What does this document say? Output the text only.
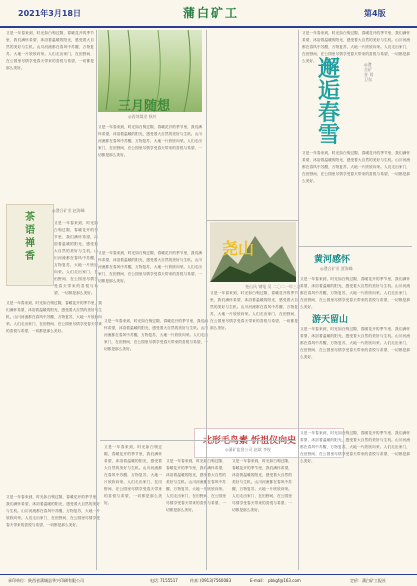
2021年3月18日	蒲白矿工	第4版
又是一年春来到，时光如白驹过隙，春暖花开的季节里，我们满怀希望，沐浴着温暖的阳光，感受着大自然的美好与生机。山川河流都在春风中苏醒，万物复苏，大地一片欣欣向荣。人们走出家门，在田野间、在公园里尽情享受春天带来的喜悦与希望，一切都是那么美好。
三月随想
◎西郊煤业 秋叶
又是一年春来到，时光如白驹过隙，春暖花开的季节里，我们满怀希望，沐浴着温暖的阳光，感受着大自然的美好与生机。山川河流都在春风中苏醒，万物复苏，大地一片欣欣向荣。人们走出家门，在田野间、在公园里尽情享受春天带来的喜悦与希望，一切都是那么美好。
茶语禅香
◎澄合矿业 赵海峰
又是一年春来到，时光如白驹过隙，春暖花开的季节里，我们满怀希望，沐浴着温暖的阳光，感受着大自然的美好与生机。山川河流都在春风中苏醒，万物复苏，大地一片欣欣向荣。人们走出家门，在田野间、在公园里尽情享受春天带来的喜悦与希望，一切都是那么美好。
又是一年春来到，时光如白驹过隙，春暖花开的季节里，我们满怀希望，沐浴着温暖的阳光，感受着大自然的美好与生机。山川河流都在春风中苏醒，万物复苏，大地一片欣欣向荣。人们走出家门，在田野间、在公园里尽情享受春天带来的喜悦与希望，一切都是那么美好。
又是一年春来到，时光如白驹过隙，春暖花开的季节里，我们满怀希望，沐浴着温暖的阳光，感受着大自然的美好与生机。山川河流都在春风中苏醒，万物复苏，大地一片欣欣向荣。人们走出家门，在田野间、在公园里尽情享受春天带来的喜悦与希望，一切都是那么美好。
尧山
尧山风 钢笔 吴 二〇二一年三月
又是一年春来到，时光如白驹过隙，春暖花开的季节里，我们满怀希望，沐浴着温暖的阳光，感受着大自然的美好与生机。山川河流都在春风中苏醒，万物复苏，大地一片欣欣向荣。人们走出家门，在田野间、在公园里尽情享受春天带来的喜悦与希望，一切都是那么美好。 邂逅春雪
◎澄合矿业 刘卫东
又是一年春来到，时光如白驹过隙，春暖花开的季节里，我们满怀希望，沐浴着温暖的阳光，感受着大自然的美好与生机。山川河流都在春风中苏醒，万物复苏，大地一片欣欣向荣。人们走出家门，在田野间、在公园里尽情享受春天带来的喜悦与希望，一切都是那么美好。
黄河感怀
◎澄合矿业 贾海峰
又是一年春来到，时光如白驹过隙，春暖花开的季节里，我们满怀希望，沐浴着温暖的阳光，感受着大自然的美好与生机。山川河流都在春风中苏醒，万物复苏，大地一片欣欣向荣。人们走出家门，在田野间、在公园里尽情享受春天带来的喜悦与希望，一切都是那么美好。
游天留山
又是一年春来到，时光如白驹过隙，春暖花开的季节里，我们满怀希望，沐浴着温暖的阳光，感受着大自然的美好与生机。山川河流都在春风中苏醒，万物复苏，大地一片欣欣向荣。人们走出家门，在田野间、在公园里尽情享受春天带来的喜悦与希望，一切都是那么美好。
又是一年春来到，时光如白驹过隙，春暖花开的季节里，我们满怀希望，沐浴着温暖的阳光，感受着大自然的美好与生机。山川河流都在春风中苏醒，万物复苏，大地一片欣欣向荣。人们走出家门，在田野间、在公园里尽情享受春天带来的喜悦与希望，一切都是那么美好。
又是一年春来到，时光如白驹过隙，春暖花开的季节里，我们满怀希望，沐浴着温暖的阳光，感受着大自然的美好与生机。山川河流都在春风中苏醒，万物复苏，大地一片欣欣向荣。人们走出家门，在田野间、在公园里尽情享受春天带来的喜悦与希望，一切都是那么美好。
北形毛鸟素 忻祖仪向史
◎蒲矿监督公司 赵斌 李锐
又是一年春来到，时光如白驹过隙，春暖花开的季节里，我们满怀希望，沐浴着温暖的阳光，感受着大自然的美好与生机。山川河流都在春风中苏醒，万物复苏，大地一片欣欣向荣。人们走出家门，在田野间、在公园里尽情享受春天带来的喜悦与希望，一切都是那么美好。
又是一年春来到，时光如白驹过隙，春暖花开的季节里，我们满怀希望，沐浴着温暖的阳光，感受着大自然的美好与生机。山川河流都在春风中苏醒，万物复苏，大地一片欣欣向荣。人们走出家门，在田野间、在公园里尽情享受春天带来的喜悦与希望，一切都是那么美好。
又是一年春来到，时光如白驹过隙，春暖花开的季节里，我们满怀希望，沐浴着温暖的阳光，感受着大自然的美好与生机。山川河流都在春风中苏醒，万物复苏，大地一片欣欣向荣。人们走出家门，在田野间、在公园里尽情享受春天带来的喜悦与希望，一切都是那么美好。
又是一年春来到，时光如白驹过隙，春暖花开的季节里，我们满怀希望，沐浴着温暖的阳光，感受着大自然的美好与生机。山川河流都在春风中苏醒，万物复苏，大地一片欣欣向荣。人们走出家门，在田野间、在公园里尽情享受春天带来的喜悦与希望，一切都是那么美好。
又是一年春来到，时光如白驹过隙，春暖花开的季节里，我们满怀希望，沐浴着温暖的阳光，感受着大自然的美好与生机。山川河流都在春风中苏醒，万物复苏，大地一片欣欣向荣。人们走出家门，在田野间、在公园里尽情享受春天带来的喜悦与希望，一切都是那么美好。
承印单位：陕西省蒲城县华兴印刷有限公司	电话：
7155517	传真：
(0913)7560083	E-mail： pbkgf@163.com	定价：蒲白矿工报社
